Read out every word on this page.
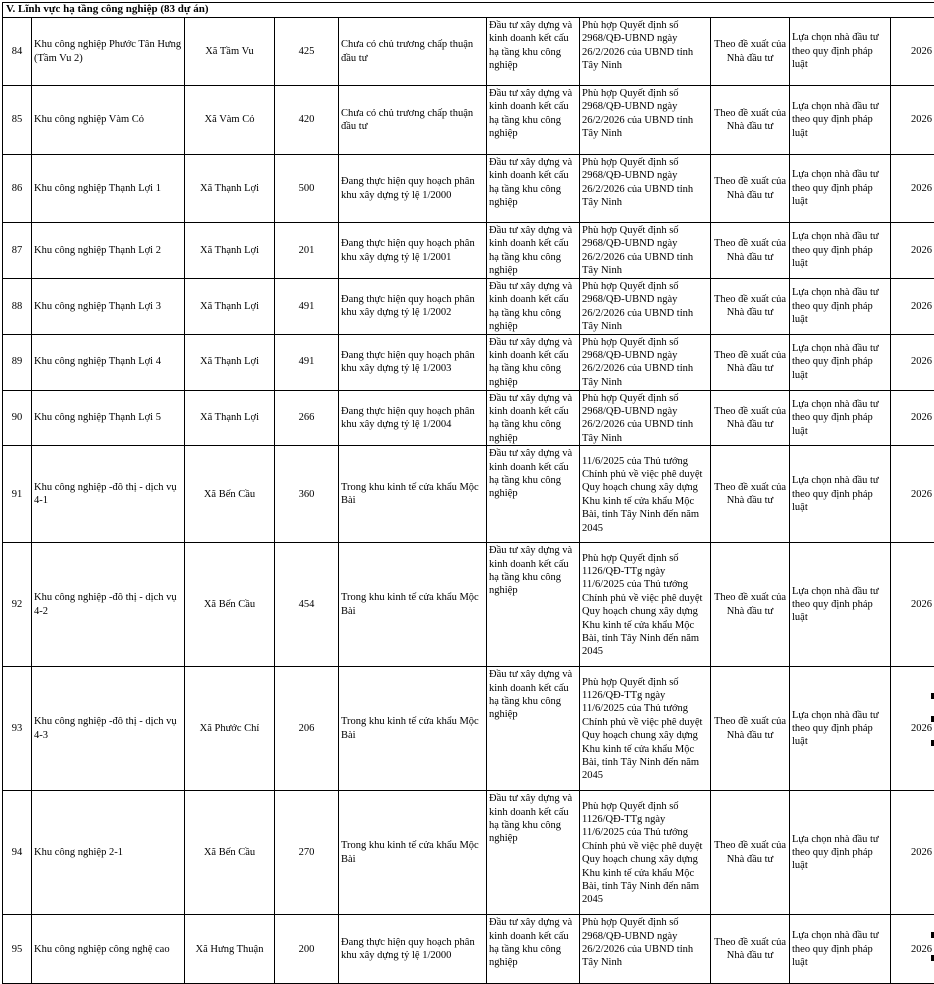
V. Lĩnh vực hạ tầng công nghiệp (83 dự án)									
84	Khu công nghiệp Phước Tân Hưng (Tầm Vu 2)	Xã Tầm Vu	425	Chưa có chủ trương chấp thuận đầu tư	Đầu tư xây dựng và kinh doanh kết cấu hạ tầng khu công nghiệp	Phù hợp Quyết định số 2968/QĐ-UBND ngày 26/2/2026 của UBND tỉnh Tây Ninh	Theo đề xuất của Nhà đầu tư	Lựa chọn nhà đầu tư theo quy định pháp luật	2026
85	Khu công nghiệp Vàm Cỏ	Xã Vàm Cỏ	420	Chưa có chủ trương chấp thuận đầu tư	Đầu tư xây dựng và kinh doanh kết cấu hạ tầng khu công nghiệp	Phù hợp Quyết định số 2968/QĐ-UBND ngày 26/2/2026 của UBND tỉnh Tây Ninh	Theo đề xuất của Nhà đầu tư	Lựa chọn nhà đầu tư theo quy định pháp luật	2026
86	Khu công nghiệp Thạnh Lợi 1	Xã Thạnh Lợi	500	Đang thực hiện quy hoạch phân khu xây dựng tỷ lệ 1/2000	Đầu tư xây dựng và kinh doanh kết cấu hạ tầng khu công nghiệp	Phù hợp Quyết định số 2968/QĐ-UBND ngày 26/2/2026 của UBND tỉnh Tây Ninh	Theo đề xuất của Nhà đầu tư	Lựa chọn nhà đầu tư theo quy định pháp luật	2026
87	Khu công nghiệp Thạnh Lợi 2	Xã Thạnh Lợi	201	Đang thực hiện quy hoạch phân khu xây dựng tỷ lệ 1/2001	Đầu tư xây dựng và kinh doanh kết cấu hạ tầng khu công nghiệp	Phù hợp Quyết định số 2968/QĐ-UBND ngày 26/2/2026 của UBND tỉnh Tây Ninh	Theo đề xuất của Nhà đầu tư	Lựa chọn nhà đầu tư theo quy định pháp luật	2026
88	Khu công nghiệp Thạnh Lợi 3	Xã Thạnh Lợi	491	Đang thực hiện quy hoạch phân khu xây dựng tỷ lệ 1/2002	Đầu tư xây dựng và kinh doanh kết cấu hạ tầng khu công nghiệp	Phù hợp Quyết định số 2968/QĐ-UBND ngày 26/2/2026 của UBND tỉnh Tây Ninh	Theo đề xuất của Nhà đầu tư	Lựa chọn nhà đầu tư theo quy định pháp luật	2026
89	Khu công nghiệp Thạnh Lợi 4	Xã Thạnh Lợi	491	Đang thực hiện quy hoạch phân khu xây dựng tỷ lệ 1/2003	Đầu tư xây dựng và kinh doanh kết cấu hạ tầng khu công nghiệp	Phù hợp Quyết định số 2968/QĐ-UBND ngày 26/2/2026 của UBND tỉnh Tây Ninh	Theo đề xuất của Nhà đầu tư	Lựa chọn nhà đầu tư theo quy định pháp luật	2026
90	Khu công nghiệp Thạnh Lợi 5	Xã Thạnh Lợi	266	Đang thực hiện quy hoạch phân khu xây dựng tỷ lệ 1/2004	Đầu tư xây dựng và kinh doanh kết cấu hạ tầng khu công nghiệp	Phù hợp Quyết định số 2968/QĐ-UBND ngày 26/2/2026 của UBND tỉnh Tây Ninh	Theo đề xuất của Nhà đầu tư	Lựa chọn nhà đầu tư theo quy định pháp luật	2026
91	Khu công nghiệp -đô thị - dịch vụ 4-1	Xã Bến Cầu	360	Trong khu kinh tế cửa khẩu Mộc Bài	Đầu tư xây dựng và kinh doanh kết cấu hạ tầng khu công nghiệp	11/6/2025 của Thủ tướng Chính phủ về việc phê duyệt Quy hoạch chung xây dựng Khu kinh tế cửa khẩu Mộc Bài, tỉnh Tây Ninh đến năm 2045	Theo đề xuất của Nhà đầu tư	Lựa chọn nhà đầu tư theo quy định pháp luật	2026
92	Khu công nghiệp -đô thị - dịch vụ 4-2	Xã Bến Cầu	454	Trong khu kinh tế cửa khẩu Mộc Bài	Đầu tư xây dựng và kinh doanh kết cấu hạ tầng khu công nghiệp	Phù hợp Quyết định số 1126/QĐ-TTg ngày 11/6/2025 của Thủ tướng Chính phủ về việc phê duyệt Quy hoạch chung xây dựng Khu kinh tế cửa khẩu Mộc Bài, tỉnh Tây Ninh đến năm 2045	Theo đề xuất của Nhà đầu tư	Lựa chọn nhà đầu tư theo quy định pháp luật	2026
93	Khu công nghiệp -đô thị - dịch vụ 4-3	Xã Phước Chỉ	206	Trong khu kinh tế cửa khẩu Mộc Bài	Đầu tư xây dựng và kinh doanh kết cấu hạ tầng khu công nghiệp	Phù hợp Quyết định số 1126/QĐ-TTg ngày 11/6/2025 của Thủ tướng Chính phủ về việc phê duyệt Quy hoạch chung xây dựng Khu kinh tế cửa khẩu Mộc Bài, tỉnh Tây Ninh đến năm 2045	Theo đề xuất của Nhà đầu tư	Lựa chọn nhà đầu tư theo quy định pháp luật	2026
94	Khu công nghiệp 2-1	Xã Bến Cầu	270	Trong khu kinh tế cửa khẩu Mộc Bài	Đầu tư xây dựng và kinh doanh kết cấu hạ tầng khu công nghiệp	Phù hợp Quyết định số 1126/QĐ-TTg ngày 11/6/2025 của Thủ tướng Chính phủ về việc phê duyệt Quy hoạch chung xây dựng Khu kinh tế cửa khẩu Mộc Bài, tỉnh Tây Ninh đến năm 2045	Theo đề xuất của Nhà đầu tư	Lựa chọn nhà đầu tư theo quy định pháp luật	2026
95	Khu công nghiệp công nghệ cao	Xã Hưng Thuận	200	Đang thực hiện quy hoạch phân khu xây dựng tỷ lệ 1/2000	Đầu tư xây dựng và kinh doanh kết cấu hạ tầng khu công nghiệp	Phù hợp Quyết định số 2968/QĐ-UBND ngày 26/2/2026 của UBND tỉnh Tây Ninh	Theo đề xuất của Nhà đầu tư	Lựa chọn nhà đầu tư theo quy định pháp luật	2026
